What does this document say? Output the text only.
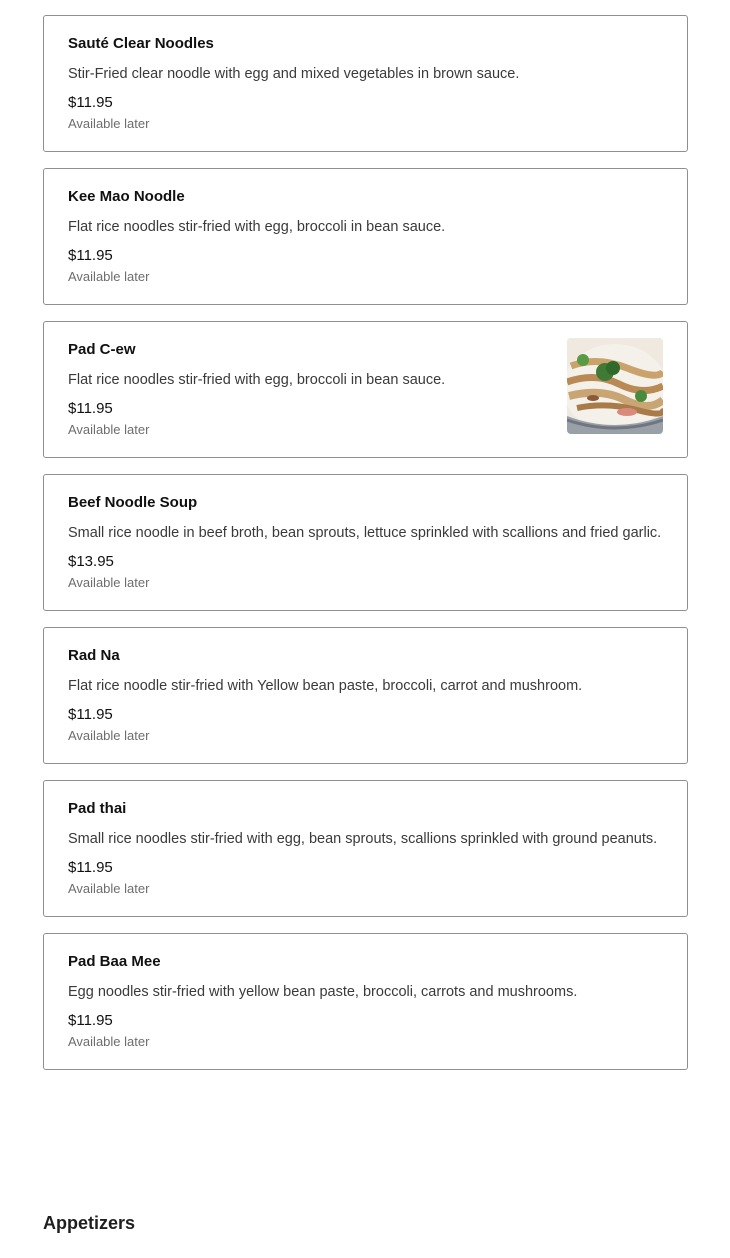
Sauté Clear Noodles
Stir-Fried clear noodle with egg and mixed vegetables in brown sauce.
$11.95
Available later
Kee Mao Noodle
Flat rice noodles stir-fried with egg, broccoli in bean sauce.
$11.95
Available later
Pad C-ew
Flat rice noodles stir-fried with egg, broccoli in bean sauce.
$11.95
Available later
Beef Noodle Soup
Small rice noodle in beef broth, bean sprouts, lettuce sprinkled with scallions and fried garlic.
$13.95
Available later
Rad Na
Flat rice noodle stir-fried with Yellow bean paste, broccoli, carrot and mushroom.
$11.95
Available later
Pad thai
Small rice noodles stir-fried with egg, bean sprouts, scallions sprinkled with ground peanuts.
$11.95
Available later
Pad Baa Mee
Egg noodles stir-fried with yellow bean paste, broccoli, carrots and mushrooms.
$11.95
Available later
Appetizers
